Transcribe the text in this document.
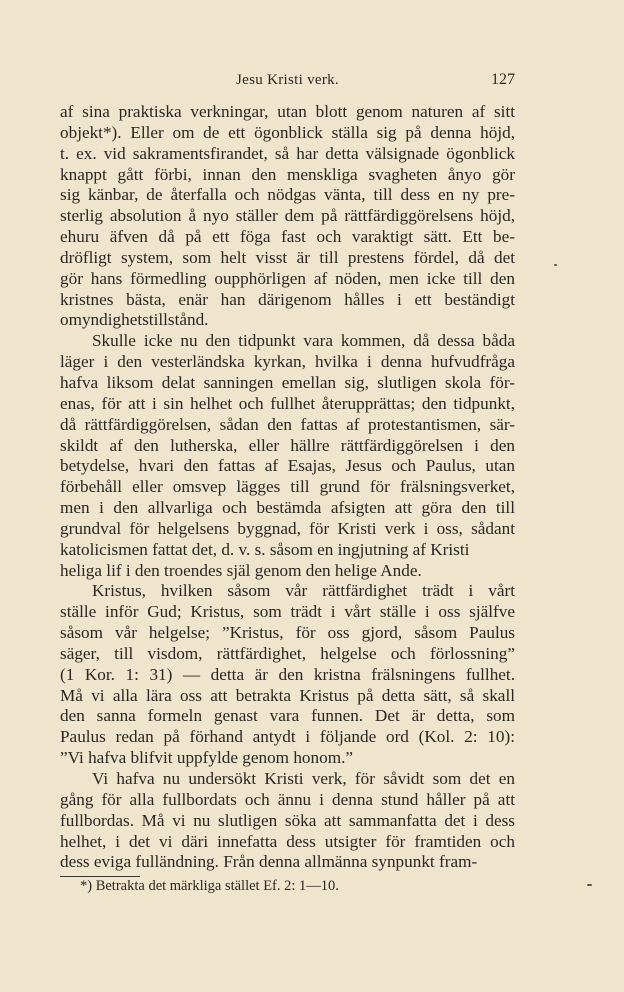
Jesu Kristi verk.	127
af sina praktiska verkningar, utan blott genom naturen af sitt
objekt*). Eller om de ett ögonblick ställa sig på denna höjd,
t. ex. vid sakramentsfirandet, så har detta välsignade ögonblick
knappt gått förbi, innan den menskliga svagheten ånyo gör
sig känbar, de återfalla och nödgas vänta, till dess en ny pre-
sterlig absolution å nyo ställer dem på rättfärdiggörelsens höjd,
ehuru äfven då på ett föga fast och varaktigt sätt. Ett be-
dröfligt system, som helt visst är till prestens fördel, då det
gör hans förmedling oupphörligen af nöden, men icke till den
kristnes bästa, enär han därigenom hålles i ett beständigt
omyndighetstillstånd.
Skulle icke nu den tidpunkt vara kommen, då dessa båda
läger i den vesterländska kyrkan, hvilka i denna hufvudfråga
hafva liksom delat sanningen emellan sig, slutligen skola för-
enas, för att i sin helhet och fullhet återupprättas; den tidpunkt,
då rättfärdiggörelsen, sådan den fattas af protestantismen, sär-
skildt af den lutherska, eller hällre rättfärdiggörelsen i den
betydelse, hvari den fattas af Esajas, Jesus och Paulus, utan
förbehåll eller omsvep lägges till grund för frälsningsverket,
men i den allvarliga och bestämda afsigten att göra den till
grundval för helgelsens byggnad, för Kristi verk i oss, sådant
katolicismen fattat det, d. v. s. såsom en ingjutning af Kristi
heliga lif i den troendes själ genom den helige Ande.
Kristus, hvilken såsom vår rättfärdighet trädt i vårt
ställe inför Gud; Kristus, som trädt i vårt ställe i oss själfve
såsom vår helgelse; ”Kristus, för oss gjord, såsom Paulus
säger, till visdom, rättfärdighet, helgelse och förlossning”
(1 Kor. 1: 31) — detta är den kristna frälsningens fullhet.
Må vi alla lära oss att betrakta Kristus på detta sätt, så skall
den sanna formeln genast vara funnen. Det är detta, som
Paulus redan på förhand antydt i följande ord (Kol. 2: 10):
”Vi hafva blifvit uppfylde genom honom.”
Vi hafva nu undersökt Kristi verk, för såvidt som det en
gång för alla fullbordats och ännu i denna stund håller på att
fullbordas. Må vi nu slutligen söka att sammanfatta det i dess
helhet, i det vi däri innefatta dess utsigter för framtiden och
dess eviga fulländning. Från denna allmänna synpunkt fram-
*) Betrakta det märkliga stället Ef. 2: 1—10.
